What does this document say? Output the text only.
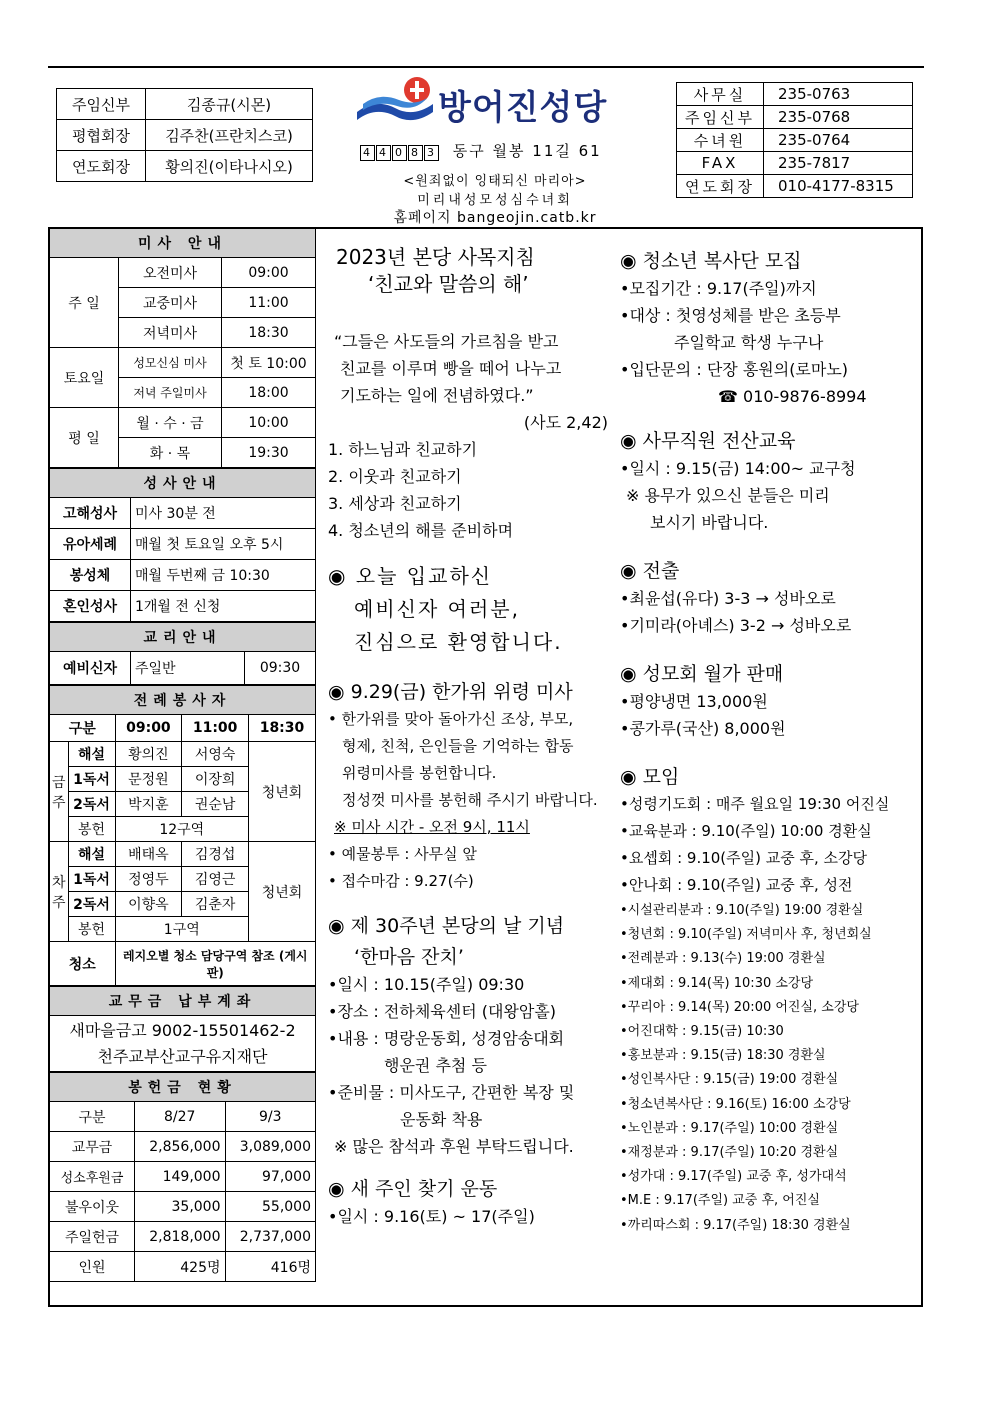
주임신부	김종규(시몬)
평협회장	김주찬(프란치스코)
연도회장	황의진(이타나시오)
방어진성당
4 4 0 8 3 동구 월봉 11길 61
<원죄없이 잉태되신 마리아>
미리내성모성심수녀회
홈페이지 bangeojin.catb.kr
사무실	235-0763
주임신부	235-0768
수녀원	235-0764
FAX	235-7817
연도회장	010-4177-8315
미사 안내		
주 일	오전미사	09:00
	교중미사	11:00
	저녁미사	18:30
토요일	성모신심 미사	첫 토 10:00
	저녁 주일미사	18:00
평 일	월 · 수 · 금	10:00
	화 · 목	19:30
성사안내	
고해성사	미사 30분 전
유아세례	매월 첫 토요일 오후 5시
봉성체	매월 두번째 금 10:30
혼인성사	1개월 전 신청
교리안내
예비신자	주일반	09:30
전례봉사자				
구분		09:00	11:00	18:30
금주	해설	황의진	서영숙	청년회
	1독서	문정원	이장희	
	2독서	박지훈	권순남	
	봉헌	12구역		
차주	해설	배태옥	김경섭	청년회
	1독서	정영두	김영근	
	2독서	이향옥	김춘자	
	봉헌	1구역		
청소		레지오별 청소 담당구역 참조 (게시판)		
교무금 납부계좌

새마을금고 9002-15501462-2
천주교부산교구유지재단
봉헌금 현황		
구분	8/27	9/3
교무금	2,856,000	3,089,000
성소후원금	149,000	97,000
불우이웃	35,000	55,000
주일헌금	2,818,000	2,737,000
인원	425명	416명
2023년 본당 사목지침
‘친교와 말씀의 해’
“그들은 사도들의 가르침을 받고
친교를 이루며 빵을 떼어 나누고
기도하는 일에 전념하였다.”
(사도 2,42)
1. 하느님과 친교하기
2. 이웃과 친교하기
3. 세상과 친교하기
4. 청소년의 해를 준비하며
◉ 오늘 입교하신
예비신자 여러분,
진심으로 환영합니다.
◉ 9.29(금) 한가위 위령 미사
• 한가위를 맞아 돌아가신 조상, 부모,
형제, 친척, 은인들을 기억하는 합동
위령미사를 봉헌합니다.
정성껏 미사를 봉헌해 주시기 바랍니다.
※ 미사 시간 - 오전 9시, 11시
• 예물봉투 : 사무실 앞
• 접수마감 : 9.27(수)
◉ 제 30주년 본당의 날 기념
‘한마음 잔치’
•일시 : 10.15(주일) 09:30
•장소 : 전하체육센터 (대왕암홀)
•내용 : 명랑운동회, 성경암송대회
행운권 추첨 등
•준비물 : 미사도구, 간편한 복장 및
운동화 착용
※ 많은 참석과 후원 부탁드립니다.
◉ 새 주인 찾기 운동
•일시 : 9.16(토) ~ 17(주일)
◉ 청소년 복사단 모집
•모집기간 : 9.17(주일)까지
•대상 : 첫영성체를 받은 초등부
주일학교 학생 누구나
•입단문의 : 단장 홍원의(로마노)
☎ 010-9876-8994
◉ 사무직원 전산교육
•일시 : 9.15(금) 14:00~ 교구청
※ 용무가 있으신 분들은 미리
보시기 바랍니다.
◉ 전출
•최윤섭(유다) 3-3 → 성바오로
•기미라(아녜스) 3-2 → 성바오로
◉ 성모회 월가 판매
•평양냉면 13,000원
•콩가루(국산) 8,000원
◉ 모임
•성령기도회 : 매주 월요일 19:30 어진실
•교육분과 : 9.10(주일) 10:00 경환실
•요셉회 : 9.10(주일) 교중 후, 소강당
•안나회 : 9.10(주일) 교중 후, 성전
•시설관리분과 : 9.10(주일) 19:00 경환실
•청년회 : 9.10(주일) 저녁미사 후, 청년회실
•전례분과 : 9.13(수) 19:00 경환실
•제대회 : 9.14(목) 10:30 소강당
•꾸리아 : 9.14(목) 20:00 어진실, 소강당
•어진대학 : 9.15(금) 10:30
•홍보분과 : 9.15(금) 18:30 경환실
•성인복사단 : 9.15(금) 19:00 경환실
•청소년복사단 : 9.16(토) 16:00 소강당
•노인분과 : 9.17(주일) 10:00 경환실
•재정분과 : 9.17(주일) 10:20 경환실
•성가대 : 9.17(주일) 교중 후, 성가대석
•M.E : 9.17(주일) 교중 후, 어진실
•까리따스회 : 9.17(주일) 18:30 경환실
